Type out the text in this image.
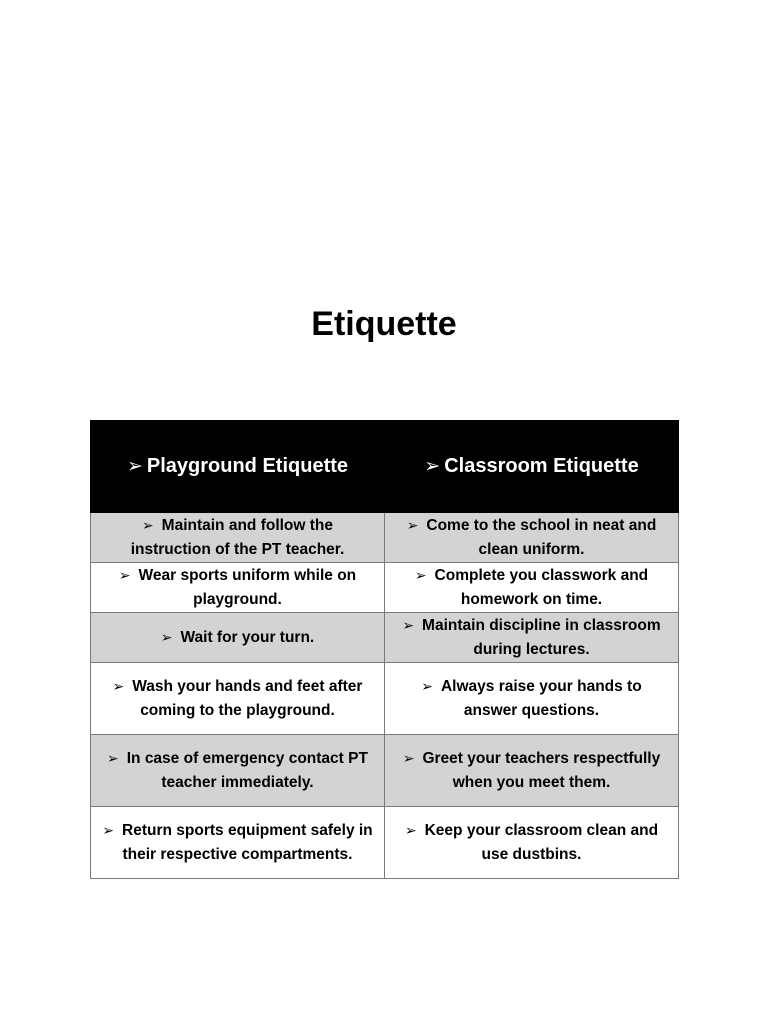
Etiquette
➢ Playground Etiquette	➢ Classroom Etiquette
➢ Maintain and follow the instruction of the PT teacher.	➢ Come to the school in neat and clean uniform.
➢ Wear sports uniform while on playground.	➢ Complete you classwork and homework on time.
➢ Wait for your turn.	➢ Maintain discipline in classroom during lectures.
➢ Wash your hands and feet after coming to the playground.	➢ Always raise your hands to answer questions.
➢ In case of emergency contact PT teacher immediately.	➢ Greet your teachers respectfully when you meet them.
➢ Return sports equipment safely in their respective compartments.	➢ Keep your classroom clean and use dustbins.
